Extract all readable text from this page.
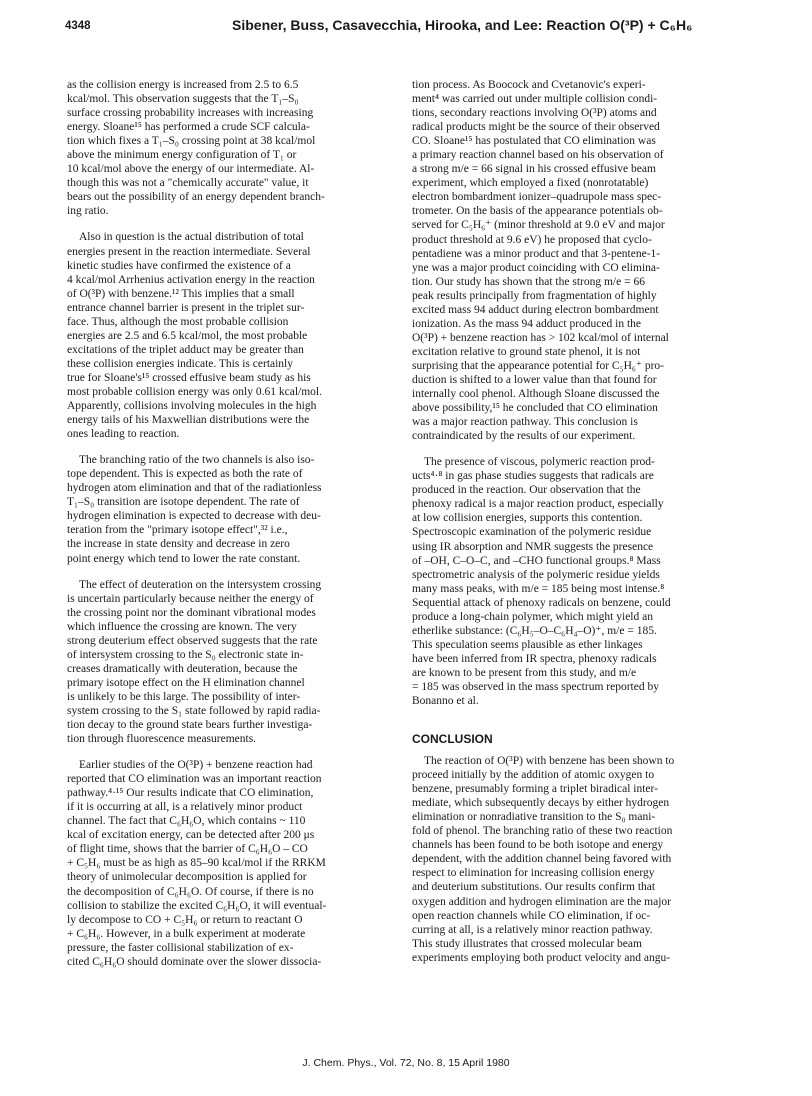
4348	Sibener, Buss, Casavecchia, Hirooka, and Lee: Reaction O(³P) + C₆H₆

as the collision energy is increased from 2.5 to 6.5
kcal/mol. This observation suggests that the T₁–S₀
surface crossing probability increases with increasing
energy. Sloane¹⁵ has performed a crude SCF calcula-
tion which fixes a T₁–S₀ crossing point at 38 kcal/mol
above the minimum energy configuration of T₁ or
10 kcal/mol above the energy of our intermediate. Al-
though this was not a "chemically accurate" value, it
bears out the possibility of an energy dependent branch-
ing ratio.

Also in question is the actual distribution of total
energies present in the reaction intermediate. Several
kinetic studies have confirmed the existence of a
4 kcal/mol Arrhenius activation energy in the reaction
of O(³P) with benzene.¹² This implies that a small
entrance channel barrier is present in the triplet sur-
face. Thus, although the most probable collision
energies are 2.5 and 6.5 kcal/mol, the most probable
excitations of the triplet adduct may be greater than
these collision energies indicate. This is certainly
true for Sloane's¹⁵ crossed effusive beam study as his
most probable collision energy was only 0.61 kcal/mol.
Apparently, collisions involving molecules in the high
energy tails of his Maxwellian distributions were the
ones leading to reaction.

The branching ratio of the two channels is also iso-
tope dependent. This is expected as both the rate of
hydrogen atom elimination and that of the radiationless
T₁–S₀ transition are isotope dependent. The rate of
hydrogen elimination is expected to decrease with deu-
teration from the "primary isotope effect",³² i.e.,
the increase in state density and decrease in zero
point energy which tend to lower the rate constant.

The effect of deuteration on the intersystem crossing
is uncertain particularly because neither the energy of
the crossing point nor the dominant vibrational modes
which influence the crossing are known. The very
strong deuterium effect observed suggests that the rate
of intersystem crossing to the S₀ electronic state in-
creases dramatically with deuteration, because the
primary isotope effect on the H elimination channel
is unlikely to be this large. The possibility of inter-
system crossing to the S₁ state followed by rapid radia-
tion decay to the ground state bears further investiga-
tion through fluorescence measurements.

Earlier studies of the O(³P) + benzene reaction had
reported that CO elimination was an important reaction
pathway.⁴·¹⁵ Our results indicate that CO elimination,
if it is occurring at all, is a relatively minor product
channel. The fact that C₆H₆O, which contains ~ 110
kcal of excitation energy, can be detected after 200 μs
of flight time, shows that the barrier of C₆H₆O – CO
+ C₅H₆ must be as high as 85–90 kcal/mol if the RRKM
theory of unimolecular decomposition is applied for
the decomposition of C₆H₆O. Of course, if there is no
collision to stabilize the excited C₆H₆O, it will eventual-
ly decompose to CO + C₅H₆ or return to reactant O
+ C₆H₆. However, in a bulk experiment at moderate
pressure, the faster collisional stabilization of ex-
cited C₆H₆O should dominate over the slower dissocia-

tion process. As Boocock and Cvetanovic's experi-
ment⁴ was carried out under multiple collision condi-
tions, secondary reactions involving O(³P) atoms and
radical products might be the source of their observed
CO. Sloane¹⁵ has postulated that CO elimination was
a primary reaction channel based on his observation of
a strong m/e = 66 signal in his crossed effusive beam
experiment, which employed a fixed (nonrotatable)
electron bombardment ionizer–quadrupole mass spec-
trometer. On the basis of the appearance potentials ob-
served for C₅H₆⁺ (minor threshold at 9.0 eV and major
product threshold at 9.6 eV) he proposed that cyclo-
pentadiene was a minor product and that 3-pentene-1-
yne was a major product coinciding with CO elimina-
tion. Our study has shown that the strong m/e = 66
peak results principally from fragmentation of highly
excited mass 94 adduct during electron bombardment
ionization. As the mass 94 adduct produced in the
O(³P) + benzene reaction has > 102 kcal/mol of internal
excitation relative to ground state phenol, it is not
surprising that the appearance potential for C₅H₆⁺ pro-
duction is shifted to a lower value than that found for
internally cool phenol. Although Sloane discussed the
above possibility,¹⁵ he concluded that CO elimination
was a major reaction pathway. This conclusion is
contraindicated by the results of our experiment.

The presence of viscous, polymeric reaction prod-
ucts⁴·⁸ in gas phase studies suggests that radicals are
produced in the reaction. Our observation that the
phenoxy radical is a major reaction product, especially
at low collision energies, supports this contention.
Spectroscopic examination of the polymeric residue
using IR absorption and NMR suggests the presence
of –OH, C–O–C, and –CHO functional groups.⁸ Mass
spectrometric analysis of the polymeric residue yields
many mass peaks, with m/e = 185 being most intense.⁸
Sequential attack of phenoxy radicals on benzene, could
produce a long-chain polymer, which might yield an
etherlike substance: (C₆H₅–O–C₆H₄–O)⁺, m/e = 185.
This speculation seems plausible as ether linkages
have been inferred from IR spectra, phenoxy radicals
are known to be present from this study, and m/e
= 185 was observed in the mass spectrum reported by
Bonanno et al.

CONCLUSION

The reaction of O(³P) with benzene has been shown to
proceed initially by the addition of atomic oxygen to
benzene, presumably forming a triplet biradical inter-
mediate, which subsequently decays by either hydrogen
elimination or nonradiative transition to the S₀ mani-
fold of phenol. The branching ratio of these two reaction
channels has been found to be both isotope and energy
dependent, with the addition channel being favored with
respect to elimination for increasing collision energy
and deuterium substitutions. Our results confirm that
oxygen addition and hydrogen elimination are the major
open reaction channels while CO elimination, if oc-
curring at all, is a relatively minor reaction pathway.
This study illustrates that crossed molecular beam
experiments employing both product velocity and angu-

J. Chem. Phys., Vol. 72, No. 8, 15 April 1980
